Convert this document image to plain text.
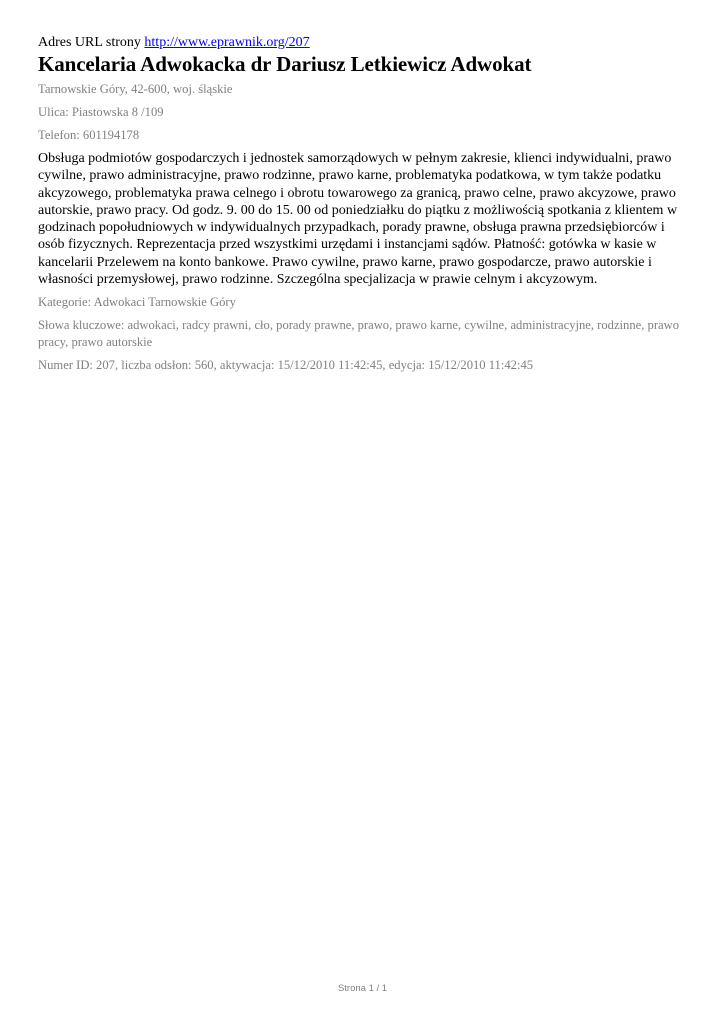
Adres URL strony http://www.eprawnik.org/207

Kancelaria Adwokacka dr Dariusz Letkiewicz Adwokat

Tarnowskie Góry, 42-600, woj. śląskie

Ulica: Piastowska 8 /109

Telefon: 601194178

Obsługa podmiotów gospodarczych i jednostek samorządowych w pełnym zakresie, klienci indywidualni, prawo cywilne, prawo administracyjne, prawo rodzinne, prawo karne, problematyka podatkowa, w tym także podatku akcyzowego, problematyka prawa celnego i obrotu towarowego za granicą, prawo celne, prawo akcyzowe, prawo autorskie, prawo pracy. Od godz. 9. 00 do 15. 00 od poniedziałku do piątku z możliwością spotkania z klientem w godzinach popołudniowych w indywidualnych przypadkach, porady prawne, obsługa prawna przedsiębiorców i osób fizycznych. Reprezentacja przed wszystkimi urzędami i instancjami sądów. Płatność: gotówka w kasie w kancelarii Przelewem na konto bankowe. Prawo cywilne, prawo karne, prawo gospodarcze, prawo autorskie i własności przemysłowej, prawo rodzinne. Szczególna specjalizacja w prawie celnym i akcyzowym.

Kategorie: Adwokaci Tarnowskie Góry

Słowa kluczowe: adwokaci, radcy prawni, cło, porady prawne, prawo, prawo karne, cywilne, administracyjne, rodzinne, prawo pracy, prawo autorskie

Numer ID: 207, liczba odsłon: 560, aktywacja: 15/12/2010 11:42:45, edycja: 15/12/2010 11:42:45

Strona 1 / 1
